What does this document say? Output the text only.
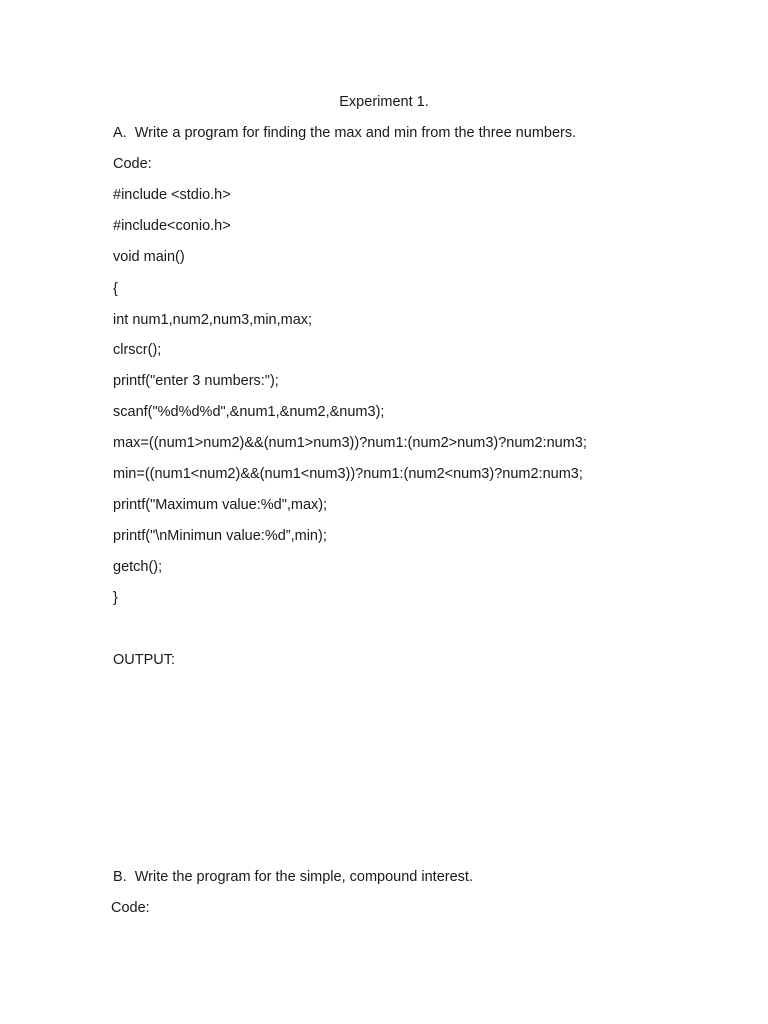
Experiment 1.
A.  Write a program for finding the max and min from the three numbers.
Code:
#include <stdio.h>
#include<conio.h>
void main()
{
int num1,num2,num3,min,max;
clrscr();
printf("enter 3 numbers:");
scanf("%d%d%d",&num1,&num2,&num3);
max=((num1>num2)&&(num1>num3))?num1:(num2>num3)?num2:num3;
min=((num1<num2)&&(num1<num3))?num1:(num2<num3)?num2:num3;
printf("Maximum value:%d",max);
printf("\nMinimun value:%d”,min);
getch();
}
OUTPUT:
B.  Write the program for the simple, compound interest.
Code:
